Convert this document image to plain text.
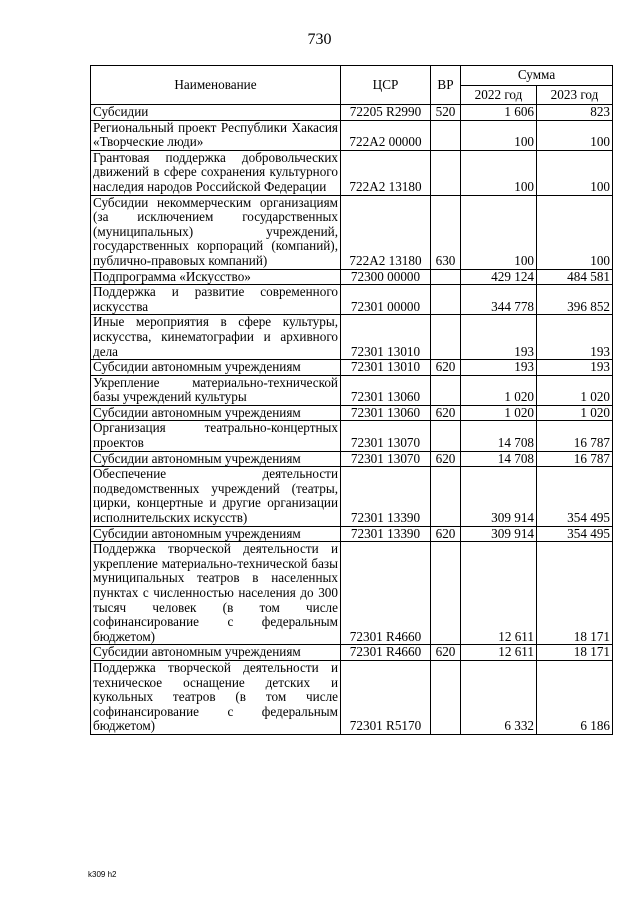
730
Наименование	ЦСР	ВР	Сумма	
			2022 год	2023 год
Субсидии	72205 R2990	520	1 606	823
Региональный проект Республики Хакасия «Творческие люди»	722A2 00000		100	100
Грантовая поддержка добровольческих движений в сфере сохранения культурного наследия народов Российской Федерации	722A2 13180		100	100
Субсидии некоммерческим организациям (за исключением государственных (муниципальных) учреждений, государственных корпораций (компаний), публично-правовых компаний)	722A2 13180	630	100	100
Подпрограмма «Искусство»	72300 00000		429 124	484 581
Поддержка и развитие современного искусства	72301 00000		344 778	396 852
Иные мероприятия в сфере культуры, искусства, кинематографии и архивного дела	72301 13010		193	193
Субсидии автономным учреждениям	72301 13010	620	193	193
Укрепление материально-технической базы учреждений культуры	72301 13060		1 020	1 020
Субсидии автономным учреждениям	72301 13060	620	1 020	1 020
Организация театрально-концертных проектов	72301 13070		14 708	16 787
Субсидии автономным учреждениям	72301 13070	620	14 708	16 787
Обеспечение деятельности подведомственных учреждений (театры, цирки, концертные и другие организации исполнительских искусств)	72301 13390		309 914	354 495
Субсидии автономным учреждениям	72301 13390	620	309 914	354 495
Поддержка творческой деятельности и укрепление материально-технической базы муниципальных театров в населенных пунктах с численностью населения до 300 тысяч человек (в том числе софинансирование с федеральным бюджетом)	72301 R4660		12 611	18 171
Субсидии автономным учреждениям	72301 R4660	620	12 611	18 171
Поддержка творческой деятельности и техническое оснащение детских и кукольных театров (в том числе софинансирование с федеральным бюджетом)	72301 R5170		6 332	6 186
k309 h2
